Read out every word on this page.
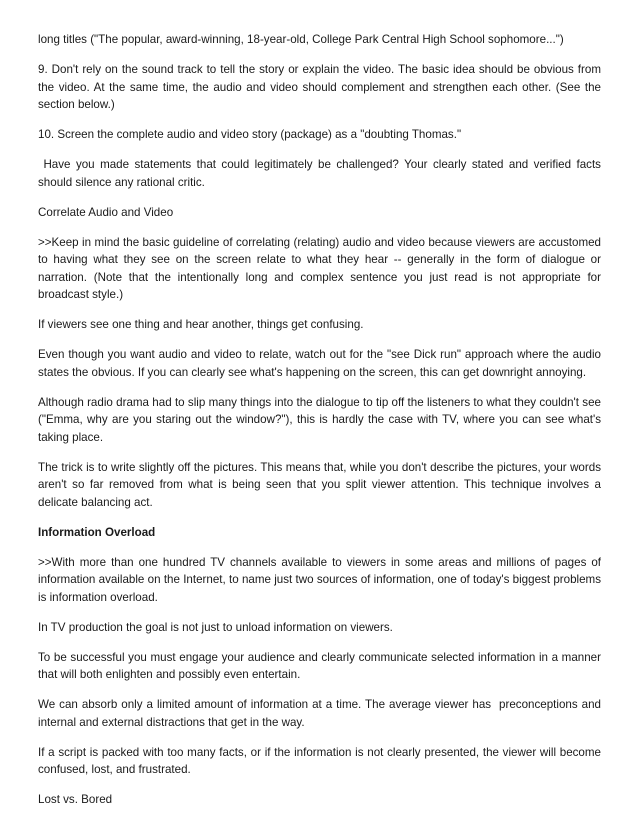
long titles ("The popular, award-winning, 18-year-old, College Park Central High School sophomore...")

9. Don't rely on the sound track to tell the story or explain the video. The basic idea should be obvious from the video. At the same time, the audio and video should complement and strengthen each other. (See the section below.)

10. Screen the complete audio and video story (package) as a "doubting Thomas."

Have you made statements that could legitimately be challenged? Your clearly stated and verified facts should silence any rational critic.

Correlate Audio and Video

>>Keep in mind the basic guideline of correlating (relating) audio and video because viewers are accustomed to having what they see on the screen relate to what they hear -- generally in the form of dialogue or narration. (Note that the intentionally long and complex sentence you just read is not appropriate for broadcast style.)

If viewers see one thing and hear another, things get confusing.

Even though you want audio and video to relate, watch out for the "see Dick run" approach where the audio states the obvious. If you can clearly see what's happening on the screen, this can get downright annoying.

Although radio drama had to slip many things into the dialogue to tip off the listeners to what they couldn't see ("Emma, why are you staring out the window?"), this is hardly the case with TV, where you can see what's taking place.

The trick is to write slightly off the pictures. This means that, while you don't describe the pictures, your words aren't so far removed from what is being seen that you split viewer attention. This technique involves a delicate balancing act.

Information Overload

>>With more than one hundred TV channels available to viewers in some areas and millions of pages of information available on the Internet, to name just two sources of information, one of today's biggest problems is information overload.

In TV production the goal is not just to unload information on viewers.

To be successful you must engage your audience and clearly communicate selected information in a manner that will both enlighten and possibly even entertain.

We can absorb only a limited amount of information at a time. The average viewer has  preconceptions and internal and external distractions that get in the way.

If a script is packed with too many facts, or if the information is not clearly presented, the viewer will become confused, lost, and frustrated.

Lost vs. Bored
